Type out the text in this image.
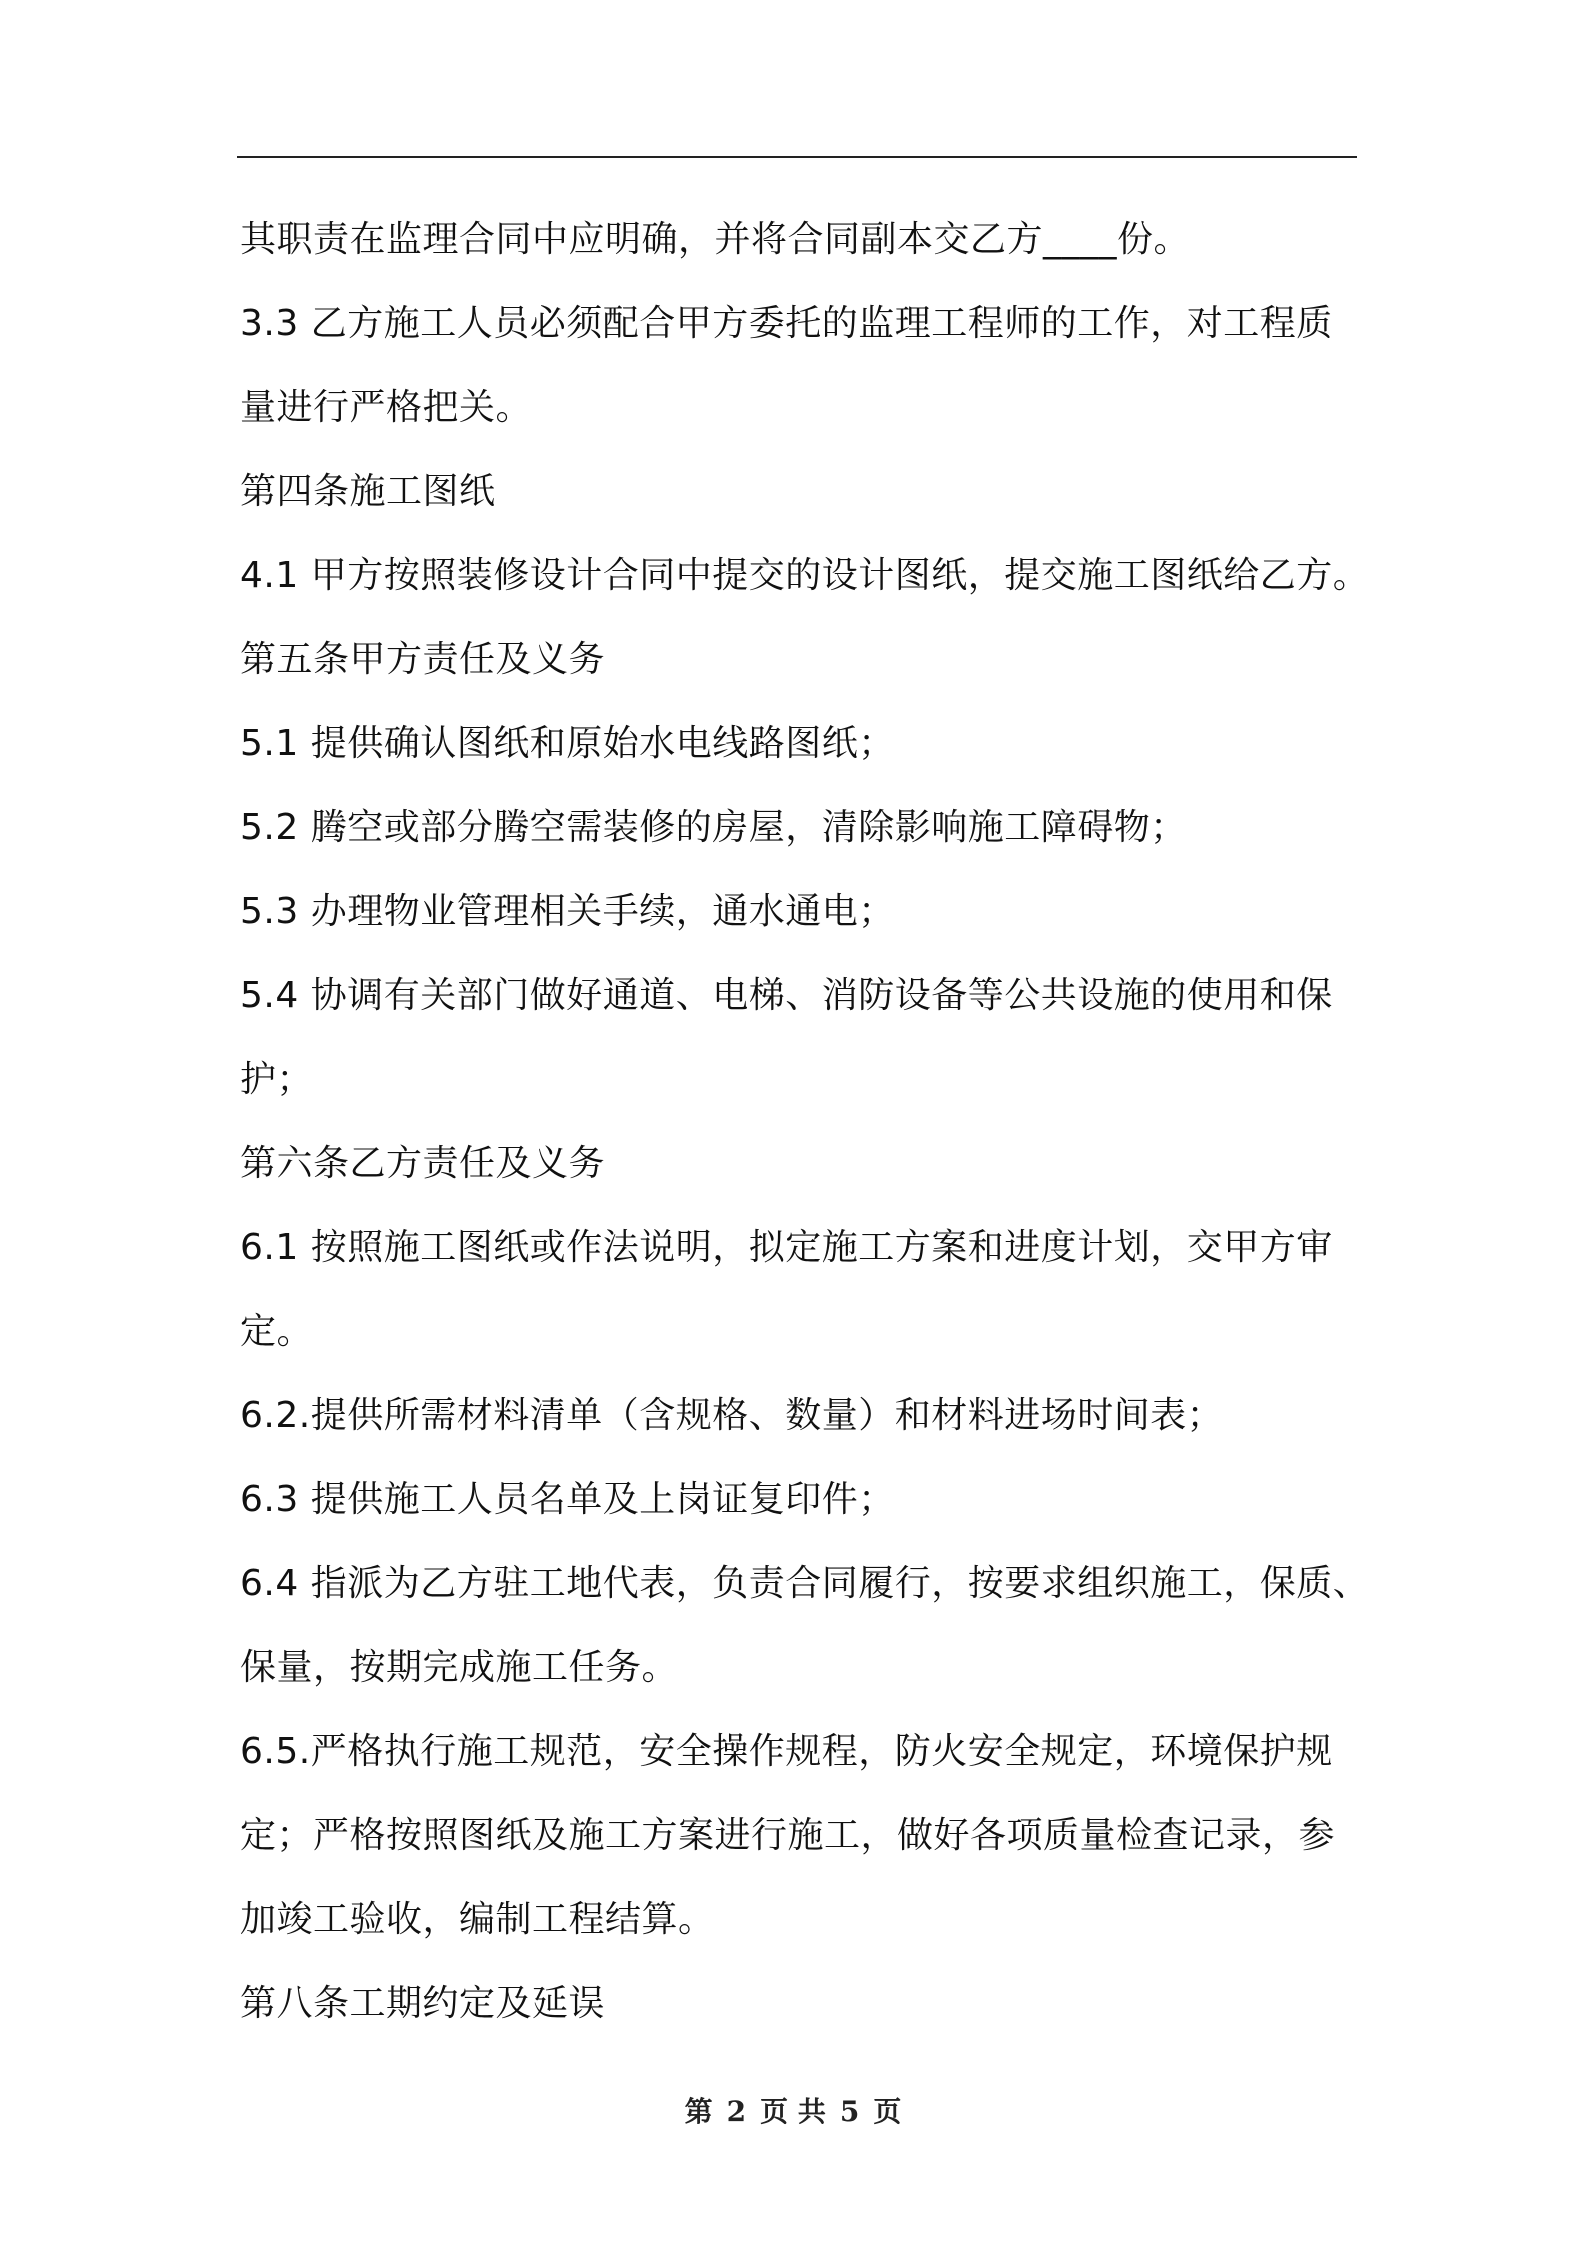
其职责在监理合同中应明确，并将合同副本交乙方____份。
3.3 乙方施工人员必须配合甲方委托的监理工程师的工作，对工程质
量进行严格把关。
第四条施工图纸
4.1 甲方按照装修设计合同中提交的设计图纸，提交施工图纸给乙方。
第五条甲方责任及义务
5.1 提供确认图纸和原始水电线路图纸；
5.2 腾空或部分腾空需装修的房屋，清除影响施工障碍物；
5.3 办理物业管理相关手续，通水通电；
5.4 协调有关部门做好通道、电梯、消防设备等公共设施的使用和保
护；
第六条乙方责任及义务
6.1 按照施工图纸或作法说明，拟定施工方案和进度计划，交甲方审
定。
6.2.提供所需材料清单（含规格、数量）和材料进场时间表；
6.3 提供施工人员名单及上岗证复印件；
6.4 指派为乙方驻工地代表，负责合同履行，按要求组织施工，保质、
保量，按期完成施工任务。
6.5.严格执行施工规范，安全操作规程，防火安全规定，环境保护规
定；严格按照图纸及施工方案进行施工，做好各项质量检查记录，参
加竣工验收，编制工程结算。
第八条工期约定及延误
第 2 页 共 5 页
